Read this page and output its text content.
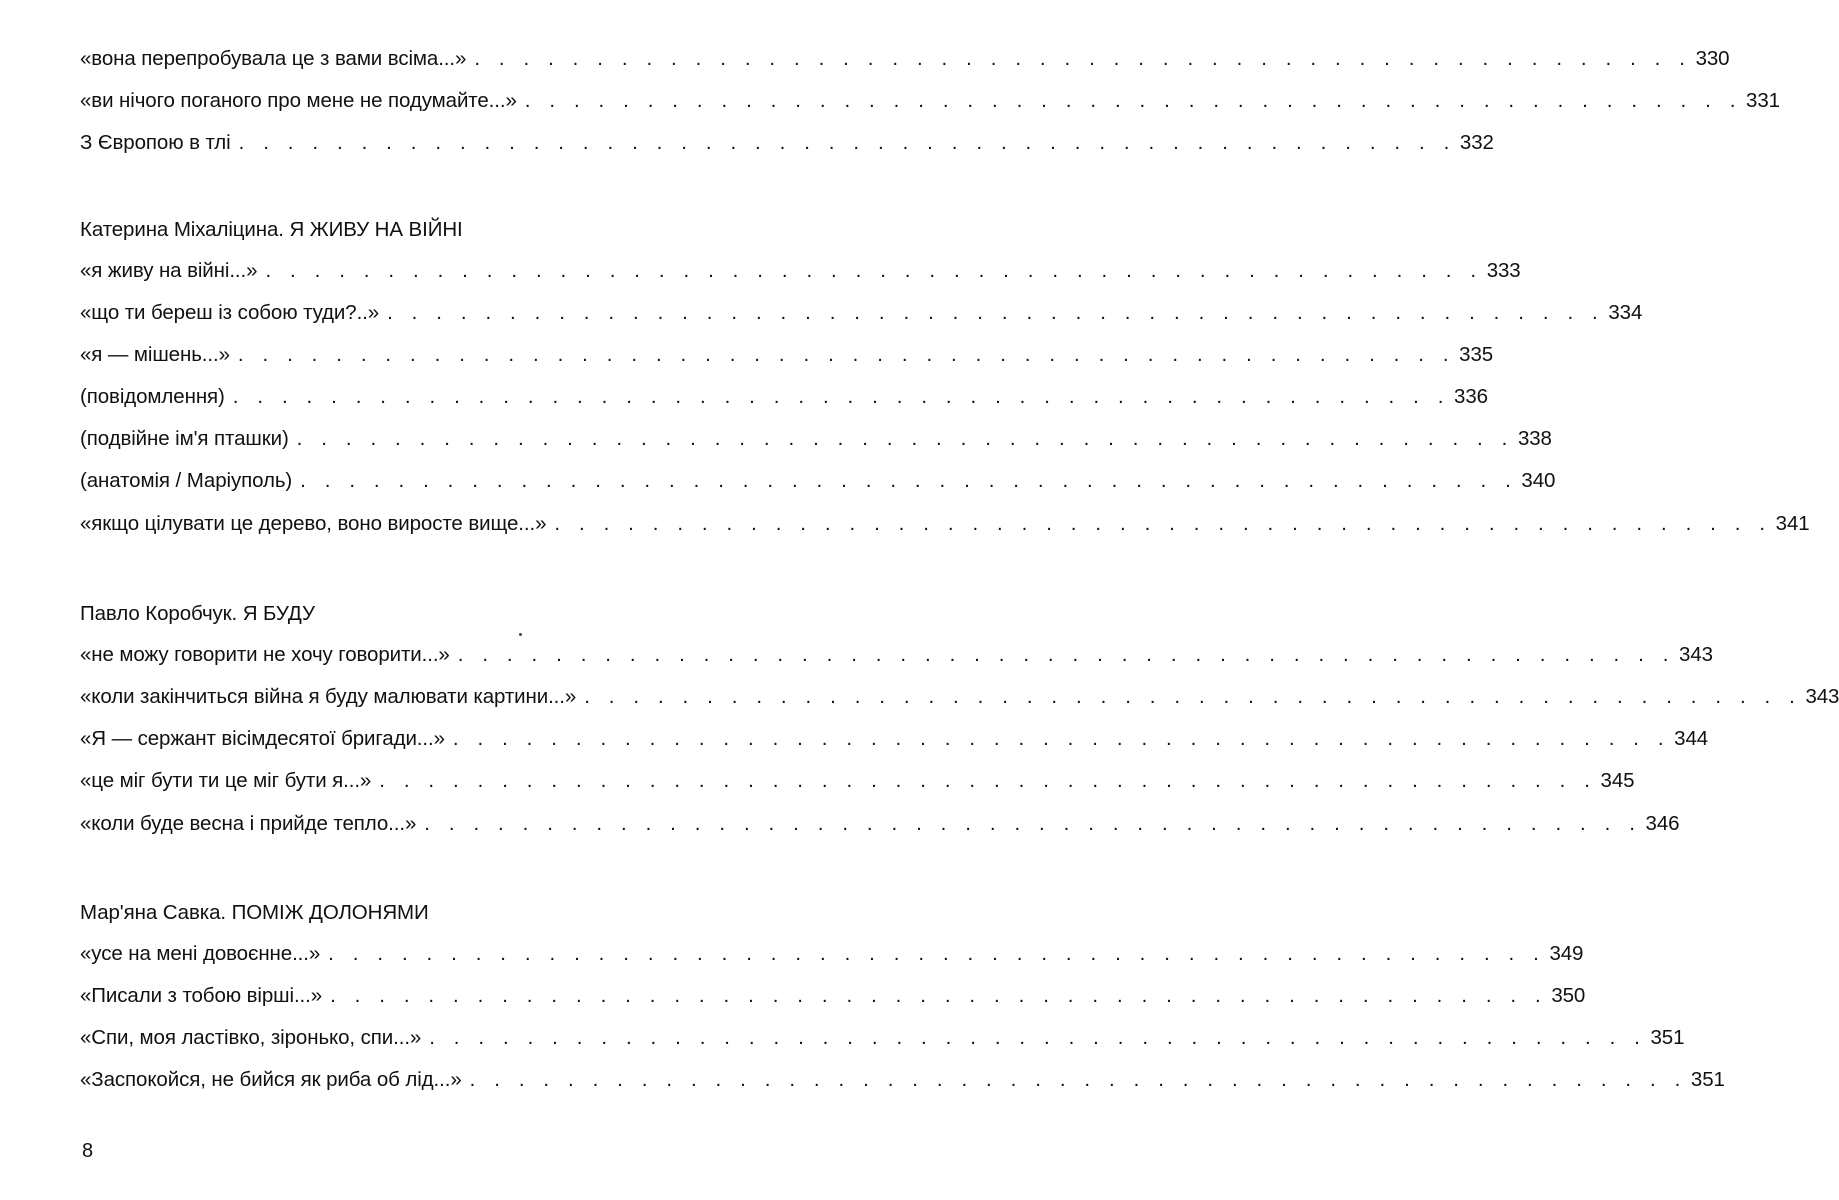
«вона перепробувала це з вами всіма...» . . . . . . . . . . . . . . . . . . . . . . . . . . . . . . . . . . . . . . . . . . . . . . . . . . 330
«ви нічого поганого про мене не подумайте...» . . . . . . . . . . . . . . . . . . . . . . . . . . . . . . . . . . . . . . . . . . . . . . . . . . 331
З Європою в тлі . . . . . . . . . . . . . . . . . . . . . . . . . . . . . . . . . . . . . . . . . . . . . . . . . . 332
Катерина Міхаліцина. Я ЖИВУ НА ВІЙНІ
«я живу на війні...» . . . . . . . . . . . . . . . . . . . . . . . . . . . . . . . . . . . . . . . . . . . . . . . . . . 333
«що ти береш із собою туди?..» . . . . . . . . . . . . . . . . . . . . . . . . . . . . . . . . . . . . . . . . . . . . . . . . . . 334
«я — мішень...» . . . . . . . . . . . . . . . . . . . . . . . . . . . . . . . . . . . . . . . . . . . . . . . . . . 335
(повідомлення) . . . . . . . . . . . . . . . . . . . . . . . . . . . . . . . . . . . . . . . . . . . . . . . . . . 336
(подвійне ім'я пташки) . . . . . . . . . . . . . . . . . . . . . . . . . . . . . . . . . . . . . . . . . . . . . . . . . . 338
(анатомія / Маріуполь) . . . . . . . . . . . . . . . . . . . . . . . . . . . . . . . . . . . . . . . . . . . . . . . . . . 340
«якщо цілувати це дерево, воно виросте вище...» . . . . . . . . . . . . . . . . . . . . . . . . . . . . . . . . . . . . . . . . . . . . . . . . . . 341
Павло Коробчук. Я БУДУ
«не можу говорити не хочу говорити...» . . . . . . . . . . . . . . . . . . . . . . . . . . . . . . . . . . . . . . . . . . . . . . . . . . 343
«коли закінчиться війна я буду малювати картини...» . . . . . . . . . . . . . . . . . . . . . . . . . . . . . . . . . . . . . . . . . . . . . . . . . . 343
«Я — сержант вісімдесятої бригади...» . . . . . . . . . . . . . . . . . . . . . . . . . . . . . . . . . . . . . . . . . . . . . . . . . . 344
«це міг бути ти це міг бути я...» . . . . . . . . . . . . . . . . . . . . . . . . . . . . . . . . . . . . . . . . . . . . . . . . . . 345
«коли буде весна і прийде тепло...» . . . . . . . . . . . . . . . . . . . . . . . . . . . . . . . . . . . . . . . . . . . . . . . . . . 346
Мар'яна Савка. ПОМІЖ ДОЛОНЯМИ
«усе на мені довоєнне...» . . . . . . . . . . . . . . . . . . . . . . . . . . . . . . . . . . . . . . . . . . . . . . . . . . 349
«Писали з тобою вірші...» . . . . . . . . . . . . . . . . . . . . . . . . . . . . . . . . . . . . . . . . . . . . . . . . . . 350
«Спи, моя ластівко, зіронько, спи...» . . . . . . . . . . . . . . . . . . . . . . . . . . . . . . . . . . . . . . . . . . . . . . . . . . 351
«Заспокойся, не бийся як риба об лід...» . . . . . . . . . . . . . . . . . . . . . . . . . . . . . . . . . . . . . . . . . . . . . . . . . . 351
8
